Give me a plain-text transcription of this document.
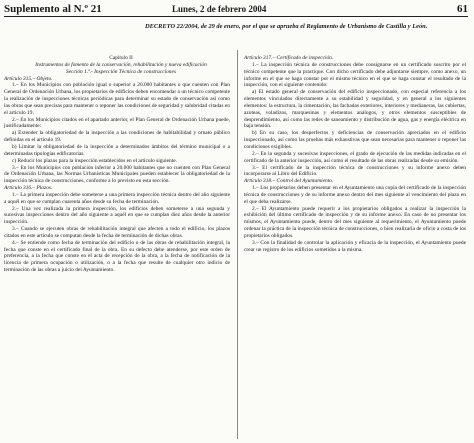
Suplemento al N.º 21	Lunes, 2 de febrero 2004	61
DECRETO 22/2004, de 29 de enero, por el que se aprueba el Reglamento de Urbanismo de Castilla y León.

Capítulo II

Instrumentos de fomento de la conservación, rehabilitación y nueva edificación

Sección 1.ª.- Inspección Técnica de construcciones

Artículo 315.– Objeto.

1.– En los Municipios con población igual o superior a 20.000 habitantes o que cuenten con Plan General de Ordenación Urbana, los propietarios de edificios deben encomendar a un técnico competente la realización de inspecciones técnicas periódicas para determinar su estado de conservación así como las obras que sean precisas para mantener o reponer las condiciones de seguridad y salubridad citadas en el artículo 19.

2.– En los Municipios citados en el apartado anterior, el Plan General de Ordenación Urbana puede, justificadamente:

a) Extender la obligatoriedad de la inspección a las condiciones de habitabilidad y ornato público definidas en el artículo 19.

b) Limitar la obligatoriedad de la inspección a determinados ámbitos del término municipal o a determinadas tipologías edificatorias.

c) Reducir los plazos para la inspección establecidos en el artículo siguiente.

3.– En los Municipios con población inferior a 20.000 habitantes que no cuenten con Plan General de Ordenación Urbana, las Normas Urbanísticas Municipales pueden establecer la obligatoriedad de la inspección técnica de construcciones, conforme a lo previsto en esta sección.

Artículo 316.– Plazos.

1.– La primera inspección debe someterse a una primera inspección técnica dentro del año siguiente a aquél en que se cumplan cuarenta años desde su fecha de terminación.

2.– Una vez realizada la primera inspección, los edificios deben someterse a una segunda y sucesivas inspecciones dentro del año siguiente a aquél en que se cumplan diez años desde la anterior inspección.

3.– Cuando se ejecuten obras de rehabilitación integral que afecten a todo el edificio, los plazos citados en este artículo se computan desde la fecha de terminación de dichas obras.

4.– Se entiende como fecha de terminación del edificio o de las obras de rehabilitación integral, la fecha que conste en el certificado final de la obra. En su defecto debe atenderse, por este orden de preferencia, a la fecha que conste en el acta de recepción de la obra, a la fecha de notificación de la licencia de primera ocupación o utilización, o a la fecha que resulte de cualquier otro indicio de terminación de las obras a juicio del Ayuntamiento.

Artículo 317.– Certificado de inspección.

1.– La inspección técnica de construcciones debe consignarse en un certificado suscrito por el técnico competente que la practique. Con dicho certificado debe adjuntarse siempre, como anexo, un informe en el que se haga constar por el mismo técnico en el que se haga constar el resultado de la inspección, con el siguiente contenido:

a) El estado general de conservación del edificio inspeccionado, con especial referencia a los elementos vinculados directamente a su estabilidad y seguridad, y en general a los siguientes elementos: la estructura, la cimentación, las fachadas exteriores, interiores y medianeras, las cubiertas, azoteas, voladizos, marquesinas y elementos análogos, y otros elementos susceptibles de desprendimiento, así como las redes de saneamiento y distribución de agua, gas y energía eléctrica en baja tensión.

b) En su caso, los desperfectos y deficiencias de conservación apreciados en el edificio inspeccionado, así como las pruebas más exhaustivas que sean necesarias para mantener o reponer las condiciones exigibles.

2.– En la segunda y sucesivas inspecciones, el grado de ejecución de las medidas indicadas en el certificado de la anterior inspección, así como el resultado de las obras realizadas desde su emisión.

3.– El certificado de la inspección técnica de construcciones y su informe anexo deben incorporarse al Libro del Edificio.

Artículo 318.– Control del Ayuntamiento.

1.– Los propietarios deben presentar en el Ayuntamiento una copia del certificado de la inspección técnica de construcciones y de su informe anexo dentro del mes siguiente al vencimiento del plazo en el que deba realizarse.

2.– El Ayuntamiento puede requerir a los propietarios obligados a realizar la inspección la exhibición del último certificado de inspección y de su informe anexo. En caso de no presentar los mismos, el Ayuntamiento puede, dentro del mes siguiente al requerimiento, el Ayuntamiento puede ordenar la práctica de la inspección técnica de construcciones, o bien realizarla de oficio a costa de los propietarios obligados.

3.– Con la finalidad de controlar la aplicación y eficacia de la inspección, el Ayuntamiento puede crear un registro de los edificios sometidos a la misma.
